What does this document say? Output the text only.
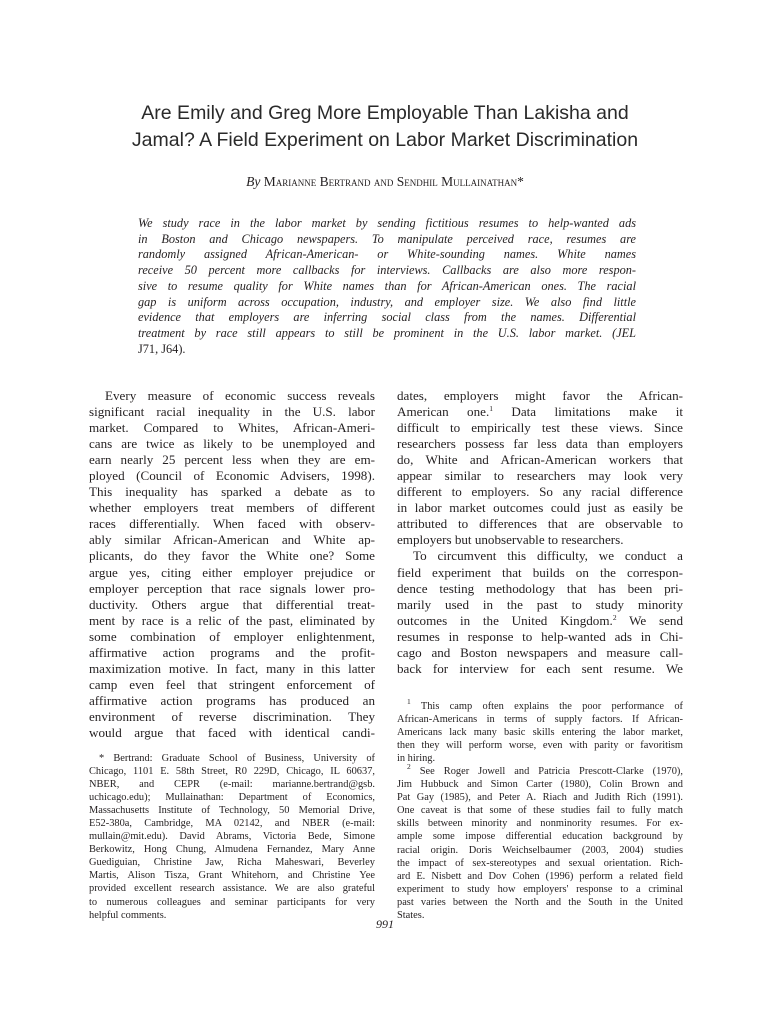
Are Emily and Greg More Employable Than Lakisha and
Jamal? A Field Experiment on Labor Market Discrimination
By Marianne Bertrand and Sendhil Mullainathan*
We study race in the labor market by sending fictitious resumes to help-wanted ads
in Boston and Chicago newspapers. To manipulate perceived race, resumes are
randomly assigned African-American- or White-sounding names. White names
receive 50 percent more callbacks for interviews. Callbacks are also more respon-
sive to resume quality for White names than for African-American ones. The racial
gap is uniform across occupation, industry, and employer size. We also find little
evidence that employers are inferring social class from the names. Differential
treatment by race still appears to still be prominent in the U.S. labor market. (JEL
J71, J64).
Every measure of economic success reveals
significant racial inequality in the U.S. labor
market. Compared to Whites, African-Ameri-
cans are twice as likely to be unemployed and
earn nearly 25 percent less when they are em-
ployed (Council of Economic Advisers, 1998).
This inequality has sparked a debate as to
whether employers treat members of different
races differentially. When faced with observ-
ably similar African-American and White ap-
plicants, do they favor the White one? Some
argue yes, citing either employer prejudice or
employer perception that race signals lower pro-
ductivity. Others argue that differential treat-
ment by race is a relic of the past, eliminated by
some combination of employer enlightenment,
affirmative action programs and the profit-
maximization motive. In fact, many in this latter
camp even feel that stringent enforcement of
affirmative action programs has produced an
environment of reverse discrimination. They
would argue that faced with identical candi-
dates, employers might favor the African-
American one.$^1$ Data limitations make it
difficult to empirically test these views. Since
researchers possess far less data than employers
do, White and African-American workers that
appear similar to researchers may look very
different to employers. So any racial difference
in labor market outcomes could just as easily be
attributed to differences that are observable to
employers but unobservable to researchers.
To circumvent this difficulty, we conduct a
field experiment that builds on the correspon-
dence testing methodology that has been pri-
marily used in the past to study minority
outcomes in the United Kingdom.$^2$ We send
resumes in response to help-wanted ads in Chi-
cago and Boston newspapers and measure call-
back for interview for each sent resume. We
* Bertrand: Graduate School of Business, University of
Chicago, 1101 E. 58th Street, R0 229D, Chicago, IL 60637,
NBER, and CEPR (e-mail: marianne.bertrand@gsb.
uchicago.edu); Mullainathan: Department of Economics,
Massachusetts Institute of Technology, 50 Memorial Drive,
E52-380a, Cambridge, MA 02142, and NBER (e-mail:
mullain@mit.edu). David Abrams, Victoria Bede, Simone
Berkowitz, Hong Chung, Almudena Fernandez, Mary Anne
Guediguian, Christine Jaw, Richa Maheswari, Beverley
Martis, Alison Tisza, Grant Whitehorn, and Christine Yee
provided excellent research assistance. We are also grateful
to numerous colleagues and seminar participants for very
helpful comments.
$^1$ This camp often explains the poor performance of
African-Americans in terms of supply factors. If African-
Americans lack many basic skills entering the labor market,
then they will perform worse, even with parity or favoritism
in hiring.
$^2$ See Roger Jowell and Patricia Prescott-Clarke (1970),
Jim Hubbuck and Simon Carter (1980), Colin Brown and
Pat Gay (1985), and Peter A. Riach and Judith Rich (1991).
One caveat is that some of these studies fail to fully match
skills between minority and nonminority resumes. For ex-
ample some impose differential education background by
racial origin. Doris Weichselbaumer (2003, 2004) studies
the impact of sex-stereotypes and sexual orientation. Rich-
ard E. Nisbett and Dov Cohen (1996) perform a related field
experiment to study how employers' response to a criminal
past varies between the North and the South in the United
States.
991
